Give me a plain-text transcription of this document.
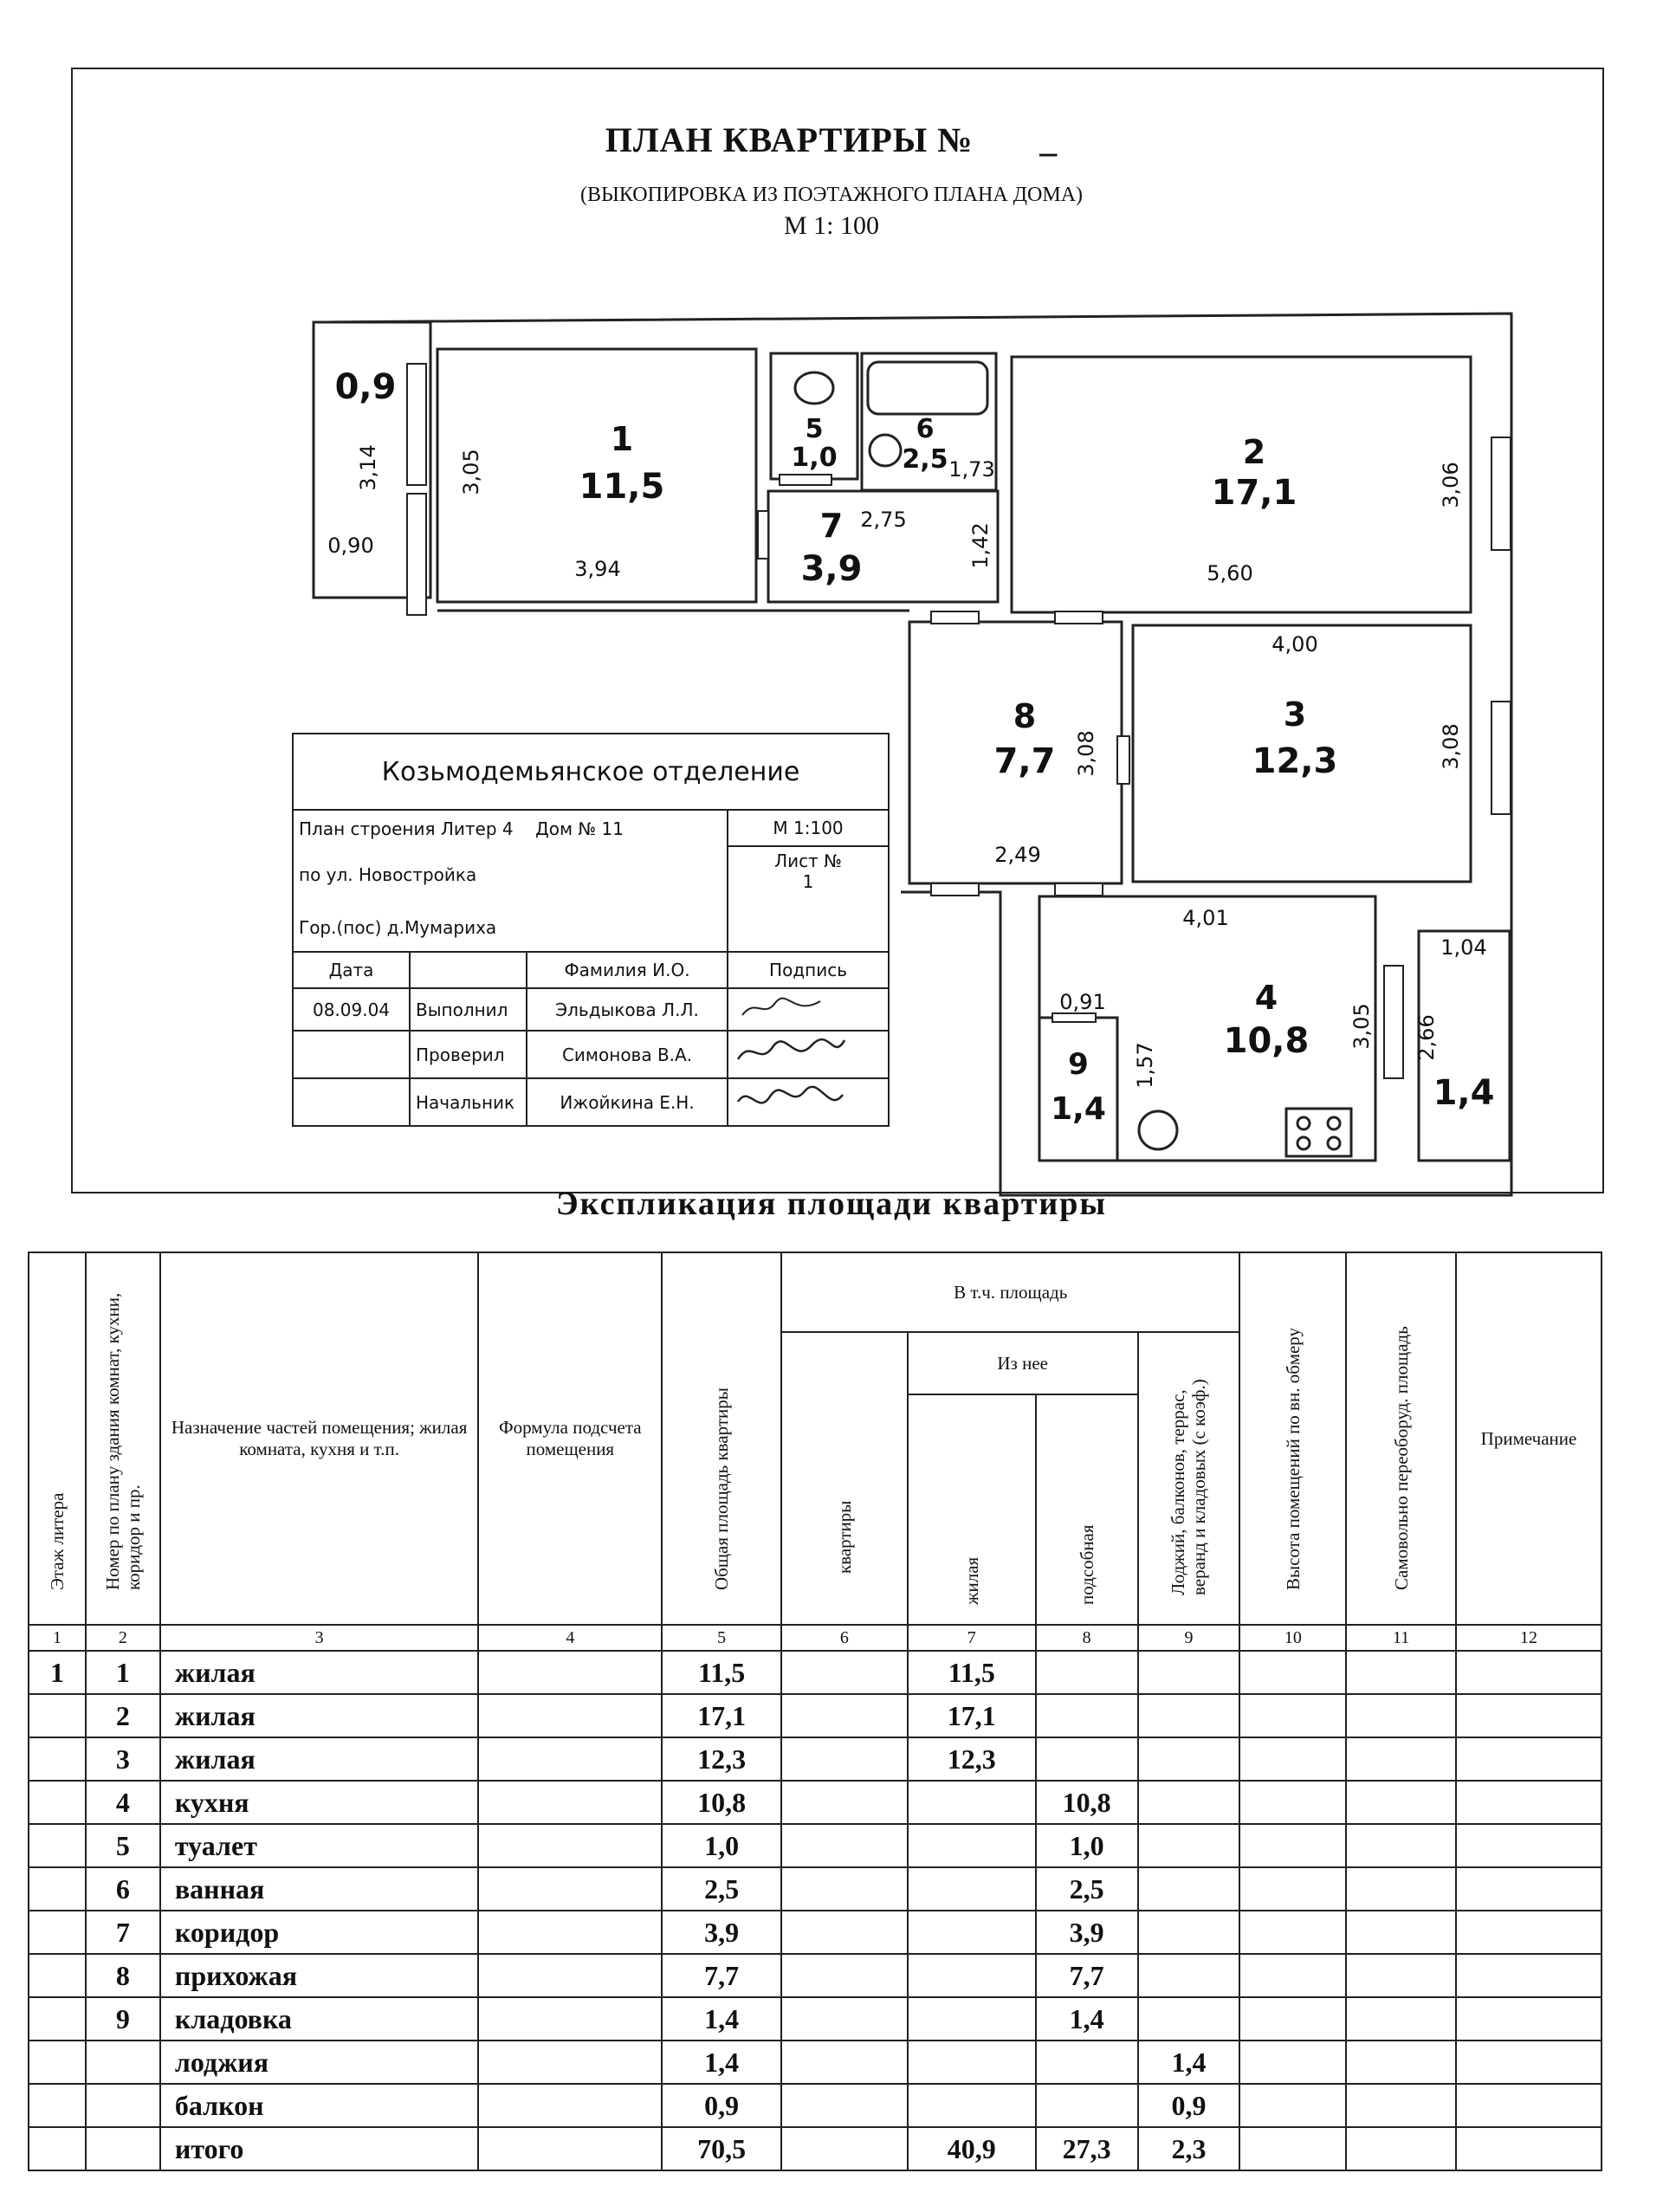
ПЛАН КВАРТИРЫ № _
(ВЫКОПИРОВКА ИЗ ПОЭТАЖНОГО ПЛАНА ДОМА)
М 1: 100
1
11,5
2
17,1
3
12,3
4
10,8
5
1,0
6
2,5
7
3,9
8
7,7
9
1,4
0,9
1,4
3,14
0,90
3,05
3,94
2,75
1,42
1,73	3,06
5,60
4,00
3,08
3,08
2,49
4,01
3,05
0,91
1,57
1,04
2,66
Козьмодемьянское отделение			
План строения Литер 4 Дом № 11			М 1:100
по ул. Новостройка			Лист №
1

Гор.(пос) д.Мумариха			
Дата		Фамилия И.О.	Подпись
08.09.04	Выполнил	Эльдыкова Л.Л.	
	Проверил	Симонова В.А.	
	Начальник	Ижойкина Е.Н.	
Экспликация площади квартиры
Этаж литера	Номер по плану здания комнат, кухни, коридор и пр.	Назначение частей помещения; жилая комната, кухня и т.п.	Формула подсчета помещения	Общая площадь квартиры	В т.ч. площадь				Высота помещений по вн. обмеру	Самовольно переоборуд. площадь	Примечание

					квартиры	Из нее		Лоджий, балконов, террас, веранд и кладовых (с коэф.)			

						жилая	подсобная				

1	2	3	4	5	6	7	8	9	10	11	12
1	1	жилая		11,5		11,5					
	2	жилая		17,1		17,1					
	3	жилая		12,3		12,3					
	4	кухня		10,8			10,8				
	5	туалет		1,0			1,0				
	6	ванная		2,5			2,5				
	7	коридор		3,9			3,9				
	8	прихожая		7,7			7,7				
	9	кладовка		1,4			1,4				
		лоджия		1,4				1,4			
		балкон		0,9				0,9			
		итого		70,5		40,9	27,3	2,3			
